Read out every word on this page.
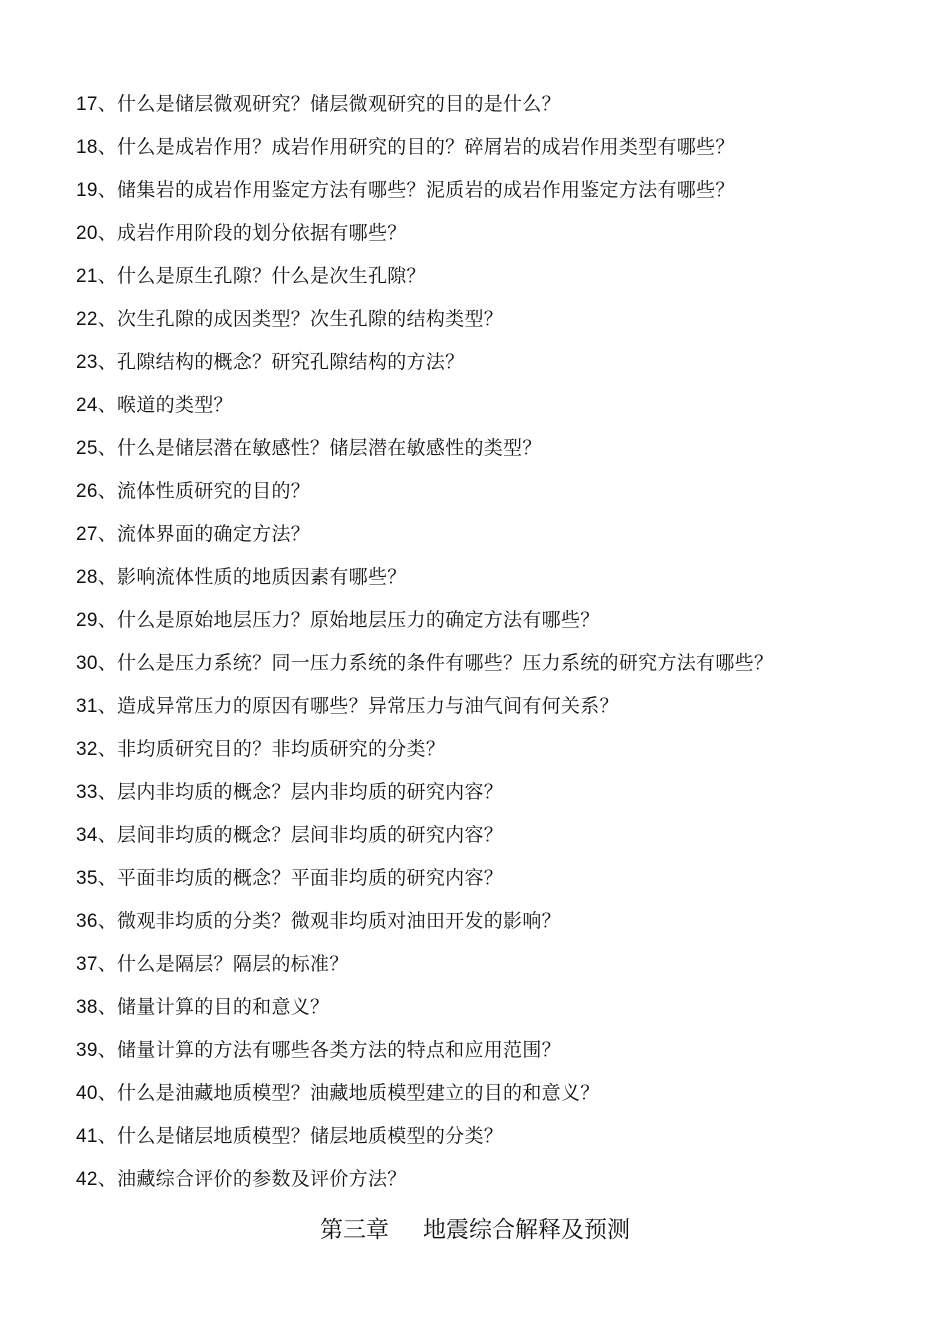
17、什么是储层微观研究？储层微观研究的目的是什么？
18、什么是成岩作用？成岩作用研究的目的？碎屑岩的成岩作用类型有哪些？
19、储集岩的成岩作用鉴定方法有哪些？泥质岩的成岩作用鉴定方法有哪些？
20、成岩作用阶段的划分依据有哪些？
21、什么是原生孔隙？什么是次生孔隙？
22、次生孔隙的成因类型？次生孔隙的结构类型？
23、孔隙结构的概念？研究孔隙结构的方法？
24、喉道的类型？
25、什么是储层潜在敏感性？储层潜在敏感性的类型？
26、流体性质研究的目的？
27、流体界面的确定方法？
28、影响流体性质的地质因素有哪些？
29、什么是原始地层压力？原始地层压力的确定方法有哪些？
30、什么是压力系统？同一压力系统的条件有哪些？压力系统的研究方法有哪些？
31、造成异常压力的原因有哪些？异常压力与油气间有何关系？
32、非均质研究目的？非均质研究的分类？
33、层内非均质的概念？层内非均质的研究内容？
34、层间非均质的概念？层间非均质的研究内容？
35、平面非均质的概念？平面非均质的研究内容？
36、微观非均质的分类？微观非均质对油田开发的影响？
37、什么是隔层？隔层的标准？
38、储量计算的目的和意义？
39、储量计算的方法有哪些各类方法的特点和应用范围？
40、什么是油藏地质模型？油藏地质模型建立的目的和意义？
41、什么是储层地质模型？储层地质模型的分类？
42、油藏综合评价的参数及评价方法？
第三章 地震综合解释及预测
